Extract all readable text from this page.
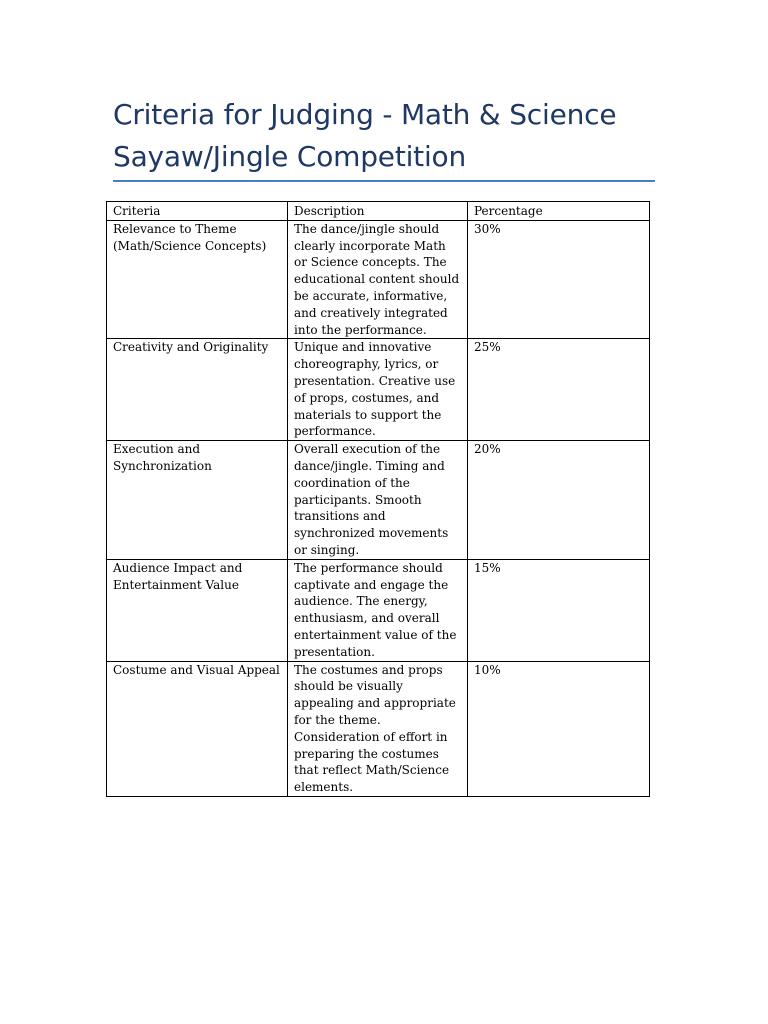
Criteria for Judging - Math & Science Sayaw/Jingle Competition
Criteria	Description	Percentage
Relevance to Theme (Math/Science Concepts)	The dance/jingle should clearly incorporate Math or Science concepts. The educational content should be accurate, informative, and creatively integrated into the performance.	30%
Creativity and Originality	Unique and innovative choreography, lyrics, or presentation. Creative use of props, costumes, and materials to support the performance.	25%
Execution and Synchronization	Overall execution of the dance/jingle. Timing and coordination of the participants. Smooth transitions and synchronized movements or singing.	20%
Audience Impact and Entertainment Value	The performance should captivate and engage the audience. The energy, enthusiasm, and overall entertainment value of the presentation.	15%
Costume and Visual Appeal	The costumes and props should be visually appealing and appropriate for the theme. Consideration of effort in preparing the costumes that reflect Math/Science elements.	10%
